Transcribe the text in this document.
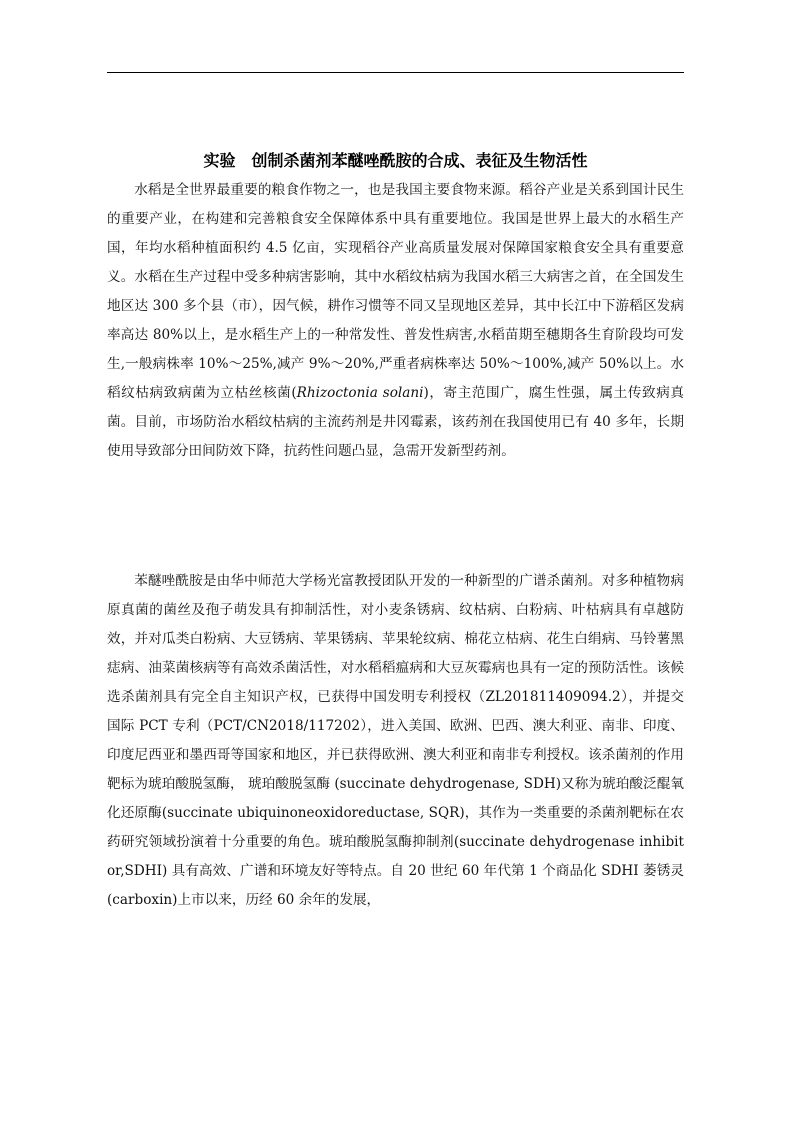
实验　创制杀菌剂苯醚唑酰胺的合成、表征及生物活性

水稻是全世界最重要的粮食作物之一，也是我国主要食物来源。稻谷产业是关系到国计民生的重要产业，在构建和完善粮食安全保障体系中具有重要地位。我国是世界上最大的水稻生产国，年均水稻种植面积约 4.5 亿亩，实现稻谷产业高质量发展对保障国家粮食安全具有重要意义。水稻在生产过程中受多种病害影响，其中水稻纹枯病为我国水稻三大病害之首，在全国发生地区达 300 多个县（市），因气候，耕作习惯等不同又呈现地区差异，其中长江中下游稻区发病率高达 80%以上，是水稻生产上的一种常发性、普发性病害,水稻苗期至穗期各生育阶段均可发生,一般病株率 10%～25%,减产 9%～20%,严重者病株率达 50%～100%,减产 50%以上。水稻纹枯病致病菌为立枯丝核菌(Rhizoctonia solani)，寄主范围广，腐生性强，属土传致病真菌。目前，市场防治水稻纹枯病的主流药剂是井冈霉素，该药剂在我国使用已有 40 多年，长期使用导致部分田间防效下降，抗药性问题凸显，急需开发新型药剂。

苯醚唑酰胺是由华中师范大学杨光富教授团队开发的一种新型的广谱杀菌剂。对多种植物病原真菌的菌丝及孢子萌发具有抑制活性，对小麦条锈病、纹枯病、白粉病、叶枯病具有卓越防效，并对瓜类白粉病、大豆锈病、苹果锈病、苹果轮纹病、棉花立枯病、花生白绢病、马铃薯黑痣病、油菜菌核病等有高效杀菌活性，对水稻稻瘟病和大豆灰霉病也具有一定的预防活性。该候选杀菌剂具有完全自主知识产权，已获得中国发明专利授权（ZL201811409094.2），并提交国际 PCT 专利（PCT/CN2018/117202），进入美国、欧洲、巴西、澳大利亚、南非、印度、印度尼西亚和墨西哥等国家和地区，并已获得欧洲、澳大利亚和南非专利授权。该杀菌剂的作用靶标为琥珀酸脱氢酶， 琥珀酸脱氢酶 (succinate dehydrogenase, SDH)又称为琥珀酸泛醌氧化还原酶(succinate ubiquinoneoxidoreductase, SQR)，其作为一类重要的杀菌剂靶标在农药研究领域扮演着十分重要的角色。琥珀酸脱氢酶抑制剂(succinate dehydrogenase inhibitor,SDHI) 具有高效、广谱和环境友好等特点。自 20 世纪 60 年代第 1 个商品化 SDHI 萎锈灵(carboxin)上市以来，历经 60 余年的发展，
